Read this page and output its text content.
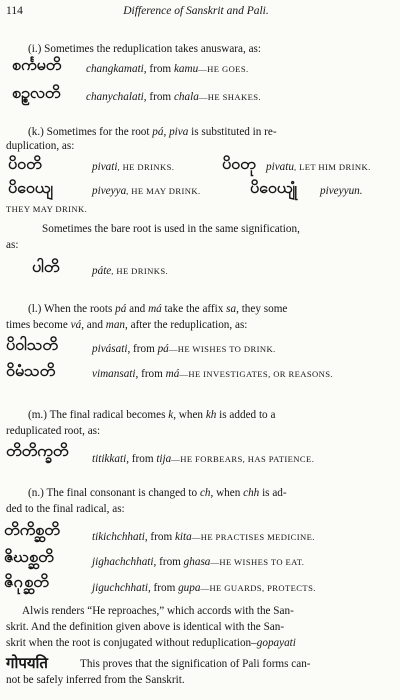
114	Difference of Sanskrit and Pali.
(i.) Sometimes the reduplication takes anuswara, as:
စင်္ကမတိ changkamati, from kamu—HE GOES.
စဉ္စလတိ chanychalati, from chala—HE SHAKES.
(k.) Sometimes for the root pá, piva is substituted in re-
duplication, as:
ပိဝတိ	pivati, HE DRINKS.	ပိဝတု pivatu, LET HIM DRINK.
ပိဝေယျ	piveyya, HE MAY DRINK.	ပိဝေယျုံ piveyyun.
THEY MAY DRINK.
Sometimes the bare root is used in the same signification,
as:
ပါတိ	páte, HE DRINKS.
(l.) When the roots pá and má take the affix sa, they some
times become vá, and man, after the reduplication, as:
ပိဝါသတိ	pivásati, from pá—HE WISHES TO DRINK.
ဝိမံသတိ	vimansati, from má—HE INVESTIGATES, OR REASONS.
(m.) The final radical becomes k, when kh is added to a
reduplicated root, as:
တိတိက္ခတိ titikkati, from tija—HE FORBEARS, HAS PATIENCE.
(n.) The final consonant is changed to ch, when chh is ad-
ded to the final radical, as:
တိကိစ္ဆတိ	tikichchhati, from kita—HE PRACTISES MEDICINE.
ဇိဃစ္ဆတိ	jighachchhati, from ghasa—HE WISHES TO EAT.
ဇိဂုစ္ဆတိ	jiguchchhati, from gupa—HE GUARDS, PROTECTS.
Alwis renders “He reproaches,” which accords with the San-
skrit. And the definition given above is identical with the San-
skrit when the root is conjugated without reduplication–gopayati
गोपयति	This proves that the signification of Pali forms can-
not be safely inferred from the Sanskrit.
